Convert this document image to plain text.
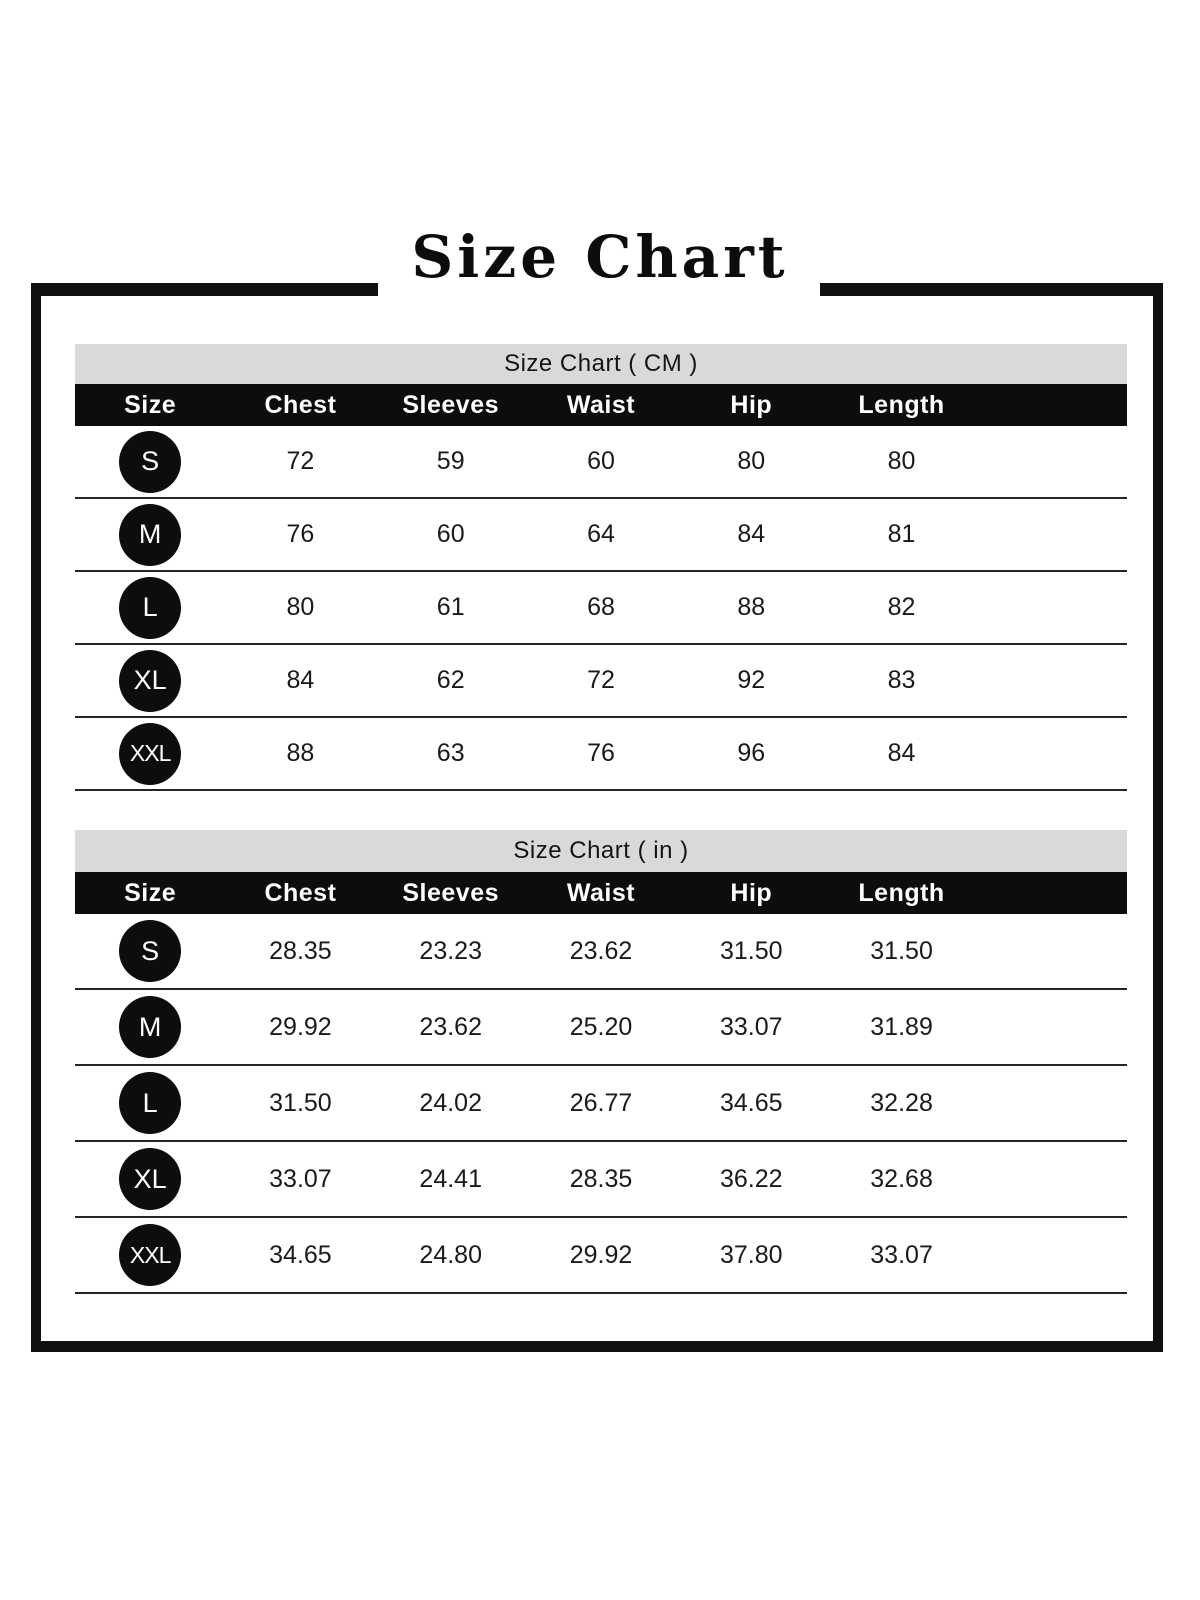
Size Chart
Size Chart ( CM )
Size	Chest	Sleeves	Waist	Hip	Length
S	72	59	60	80	80
M	76	60	64	84	81
L	80	61	68	88	82
XL	84	62	72	92	83
XXL	88	63	76	96	84
Size Chart ( in )
Size	Chest	Sleeves	Waist	Hip	Length
S	28.35	23.23	23.62	31.50	31.50
M	29.92	23.62	25.20	33.07	31.89
L	31.50	24.02	26.77	34.65	32.28
XL	33.07	24.41	28.35	36.22	32.68
XXL	34.65	24.80	29.92	37.80	33.07
